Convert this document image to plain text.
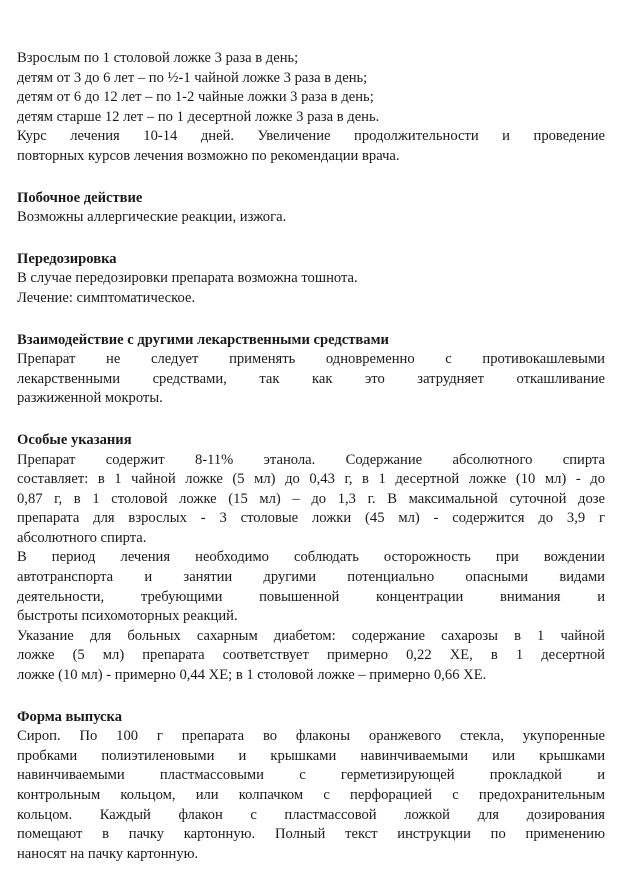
Взрослым по 1 столовой ложке 3 раза в день;
детям от 3 до 6 лет – по ½-1 чайной ложке 3 раза в день;
детям от 6 до 12 лет – по 1-2 чайные ложки 3 раза в день;
детям старше 12 лет – по 1 десертной ложке 3 раза в день.
Курс лечения 10-14 дней. Увеличение продолжительности и проведение
повторных курсов лечения возможно по рекомендации врача.
Побочное действие
Возможны аллергические реакции, изжога.
Передозировка
В случае передозировки препарата возможна тошнота.
Лечение: симптоматическое.
Взаимодействие с другими лекарственными средствами
Препарат не следует применять одновременно с противокашлевыми
лекарственными средствами, так как это затрудняет откашливание
разжиженной мокроты.
Особые указания
Препарат содержит 8-11% этанола. Содержание абсолютного спирта
составляет: в 1 чайной ложке (5 мл) до 0,43 г, в 1 десертной ложке (10 мл) - до
0,87 г, в 1 столовой ложке (15 мл) – до 1,3 г. В максимальной суточной дозе
препарата для взрослых - 3 столовые ложки (45 мл) - содержится до 3,9 г
абсолютного спирта.
В период лечения необходимо соблюдать осторожность при вождении
автотранспорта и занятии другими потенциально опасными видами
деятельности, требующими повышенной концентрации внимания и
быстроты психомоторных реакций.
Указание для больных сахарным диабетом: содержание сахарозы в 1 чайной
ложке (5 мл) препарата соответствует примерно 0,22 ХЕ, в 1 десертной
ложке (10 мл) - примерно 0,44 ХЕ; в 1 столовой ложке – примерно 0,66 ХЕ.
Форма выпуска
Сироп. По 100 г препарата во флаконы оранжевого стекла, укупоренные
пробками полиэтиленовыми и крышками навинчиваемыми или крышками
навинчиваемыми пластмассовыми с герметизирующей прокладкой и
контрольным кольцом, или колпачком с перфорацией с предохранительным
кольцом. Каждый флакон с пластмассовой ложкой для дозирования
помещают в пачку картонную. Полный текст инструкции по применению
наносят на пачку картонную.
